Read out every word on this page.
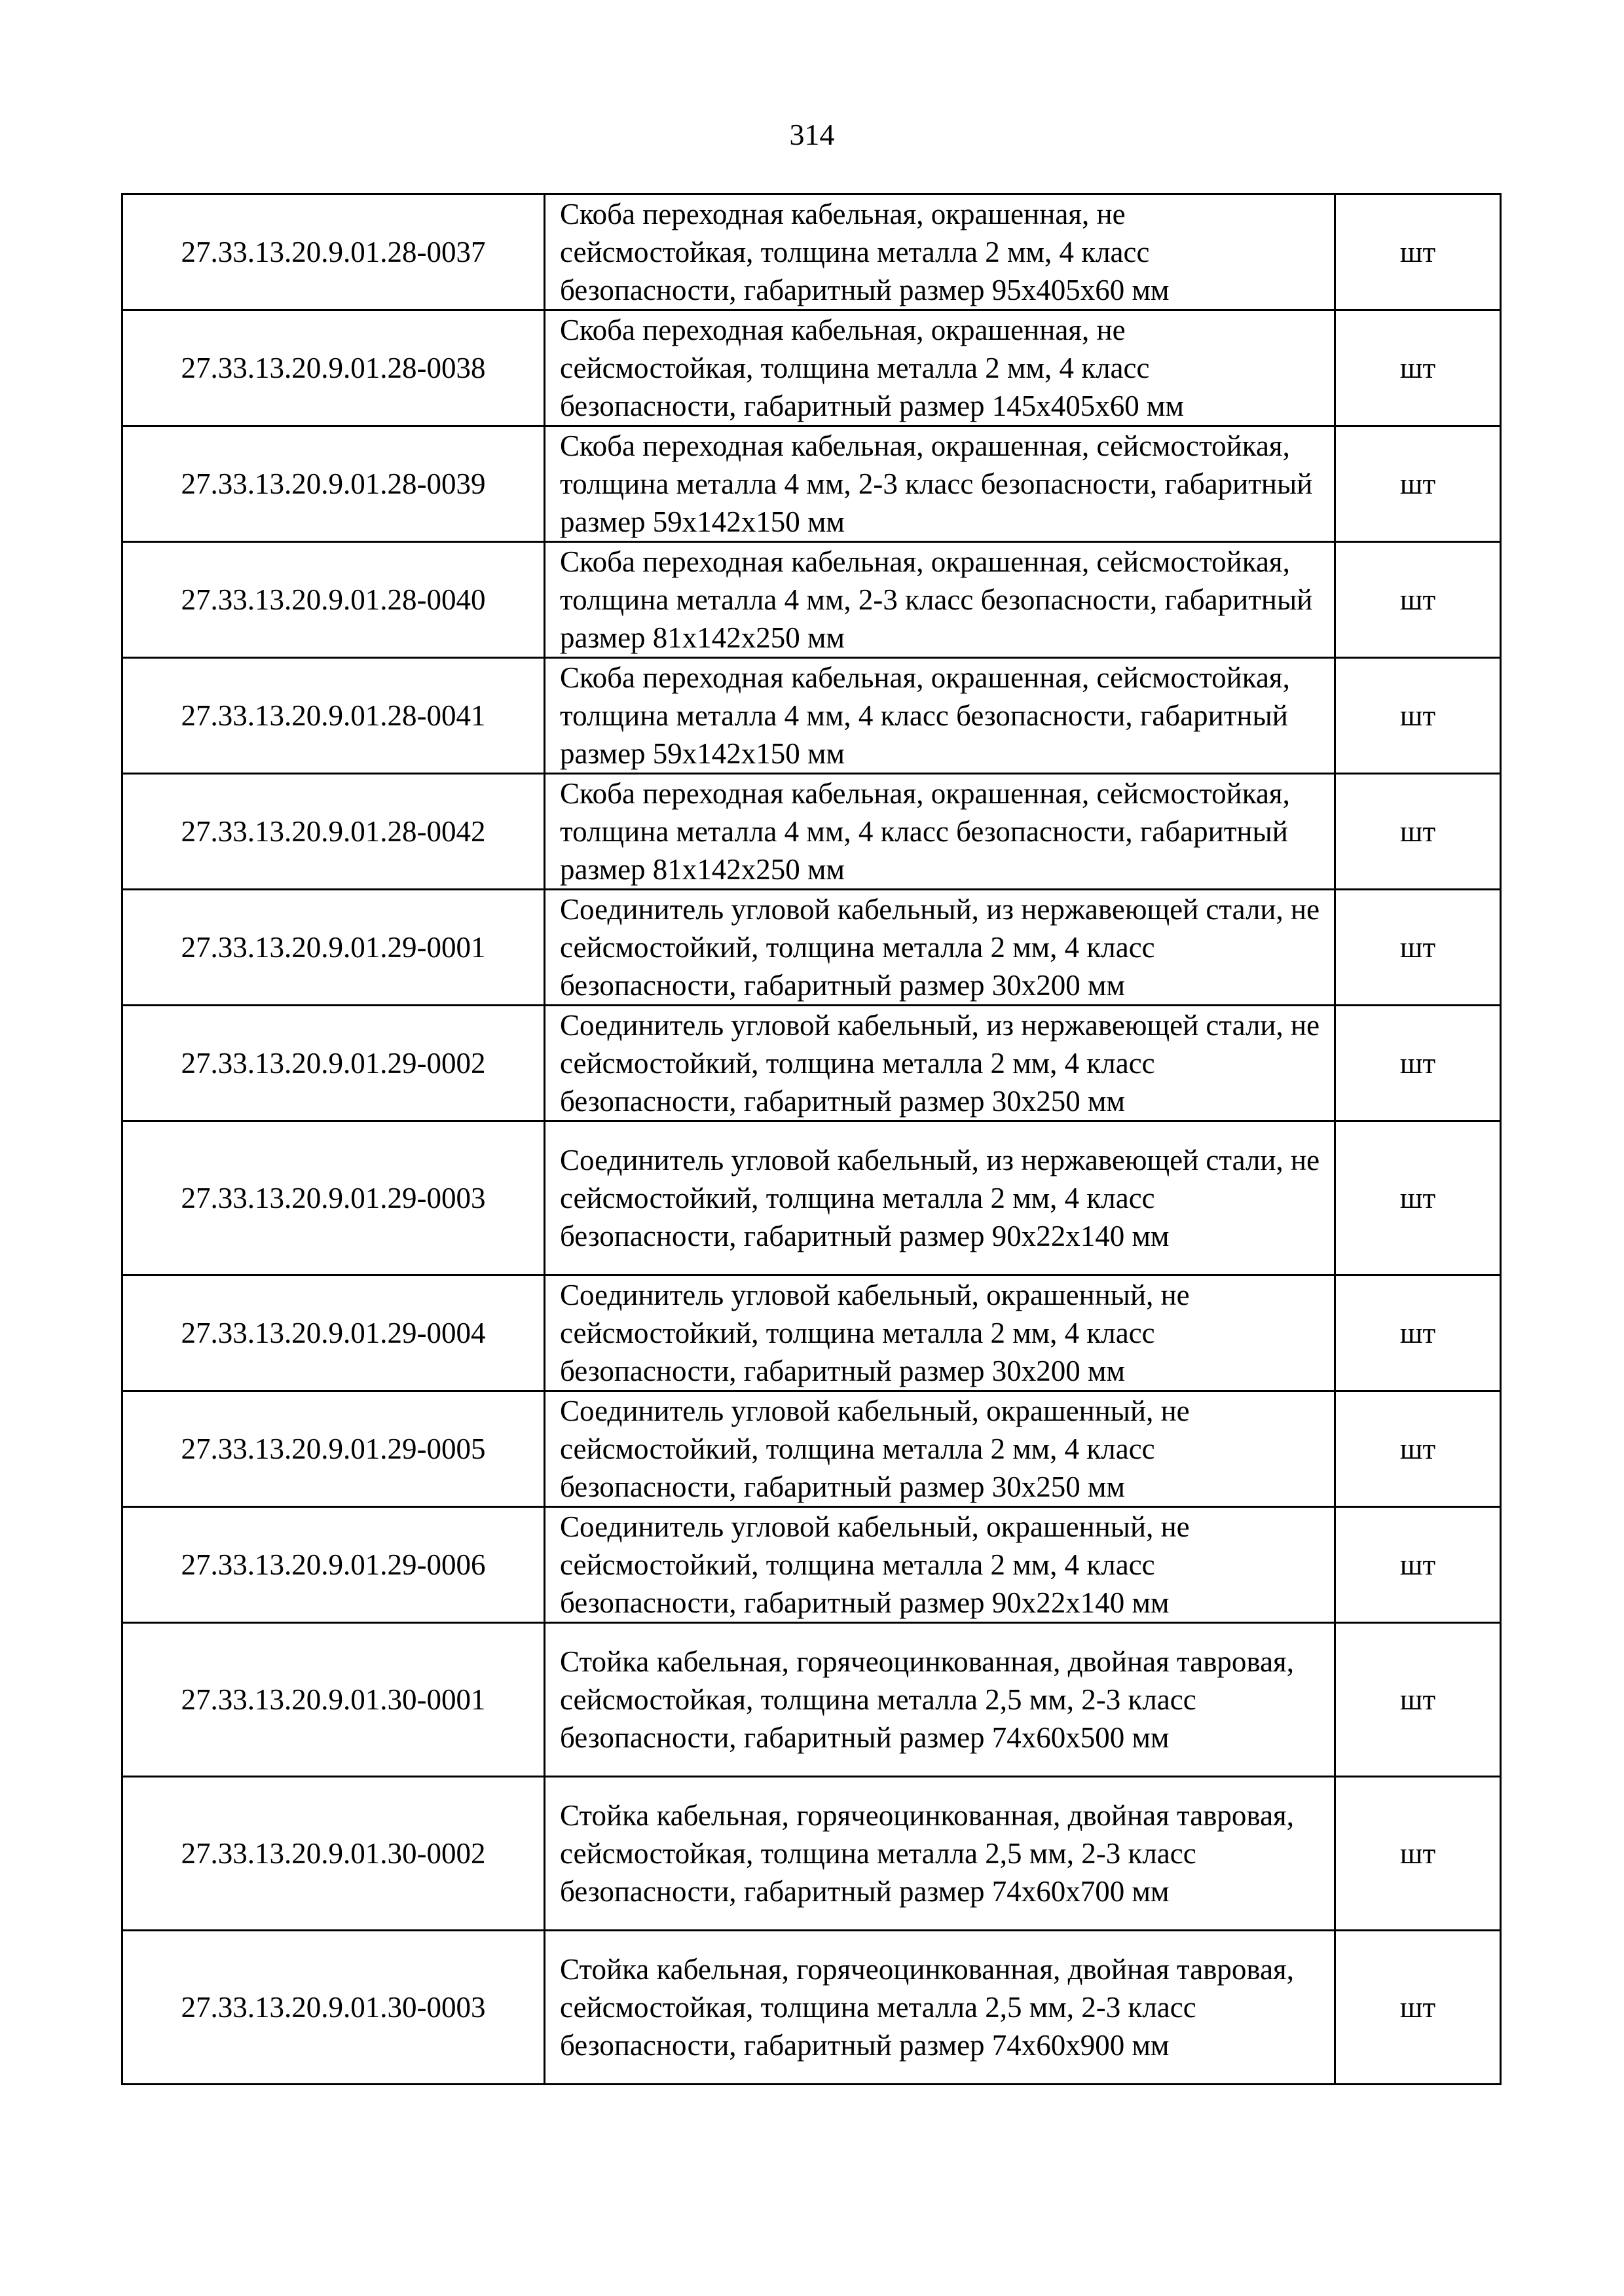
314
27.33.13.20.9.01.28-0037	Скоба переходная кабельная, окрашенная, не сейсмостойкая, толщина металла 2 мм, 4 класс безопасности, габаритный размер 95х405х60 мм	шт
27.33.13.20.9.01.28-0038	Скоба переходная кабельная, окрашенная, не сейсмостойкая, толщина металла 2 мм, 4 класс безопасности, габаритный размер 145х405х60 мм	шт
27.33.13.20.9.01.28-0039	Скоба переходная кабельная, окрашенная, сейсмостойкая, толщина металла 4 мм, 2-3 класс безопасности, габаритный размер 59х142х150 мм	шт
27.33.13.20.9.01.28-0040	Скоба переходная кабельная, окрашенная, сейсмостойкая, толщина металла 4 мм, 2-3 класс безопасности, габаритный размер 81х142х250 мм	шт
27.33.13.20.9.01.28-0041	Скоба переходная кабельная, окрашенная, сейсмостойкая, толщина металла 4 мм, 4 класс безопасности, габаритный размер 59х142х150 мм	шт
27.33.13.20.9.01.28-0042	Скоба переходная кабельная, окрашенная, сейсмостойкая, толщина металла 4 мм, 4 класс безопасности, габаритный размер 81х142х250 мм	шт
27.33.13.20.9.01.29-0001	Соединитель угловой кабельный, из нержавеющей стали, не сейсмостойкий, толщина металла 2 мм, 4 класс безопасности, габаритный размер 30х200 мм	шт
27.33.13.20.9.01.29-0002	Соединитель угловой кабельный, из нержавеющей стали, не сейсмостойкий, толщина металла 2 мм, 4 класс безопасности, габаритный размер 30х250 мм	шт
27.33.13.20.9.01.29-0003	Соединитель угловой кабельный, из нержавеющей стали, не сейсмостойкий, толщина металла 2 мм, 4 класс безопасности, габаритный размер 90х22х140 мм	шт
27.33.13.20.9.01.29-0004	Соединитель угловой кабельный, окрашенный, не сейсмостойкий, толщина металла 2 мм, 4 класс безопасности, габаритный размер 30х200 мм	шт
27.33.13.20.9.01.29-0005	Соединитель угловой кабельный, окрашенный, не сейсмостойкий, толщина металла 2 мм, 4 класс безопасности, габаритный размер 30х250 мм	шт
27.33.13.20.9.01.29-0006	Соединитель угловой кабельный, окрашенный, не сейсмостойкий, толщина металла 2 мм, 4 класс безопасности, габаритный размер 90х22х140 мм	шт
27.33.13.20.9.01.30-0001	Стойка кабельная, горячеоцинкованная, двойная тавровая, сейсмостойкая, толщина металла 2,5 мм, 2-3 класс безопасности, габаритный размер 74х60х500 мм	шт
27.33.13.20.9.01.30-0002	Стойка кабельная, горячеоцинкованная, двойная тавровая, сейсмостойкая, толщина металла 2,5 мм, 2-3 класс безопасности, габаритный размер 74х60х700 мм	шт
27.33.13.20.9.01.30-0003	Стойка кабельная, горячеоцинкованная, двойная тавровая, сейсмостойкая, толщина металла 2,5 мм, 2-3 класс безопасности, габаритный размер 74х60х900 мм	шт
